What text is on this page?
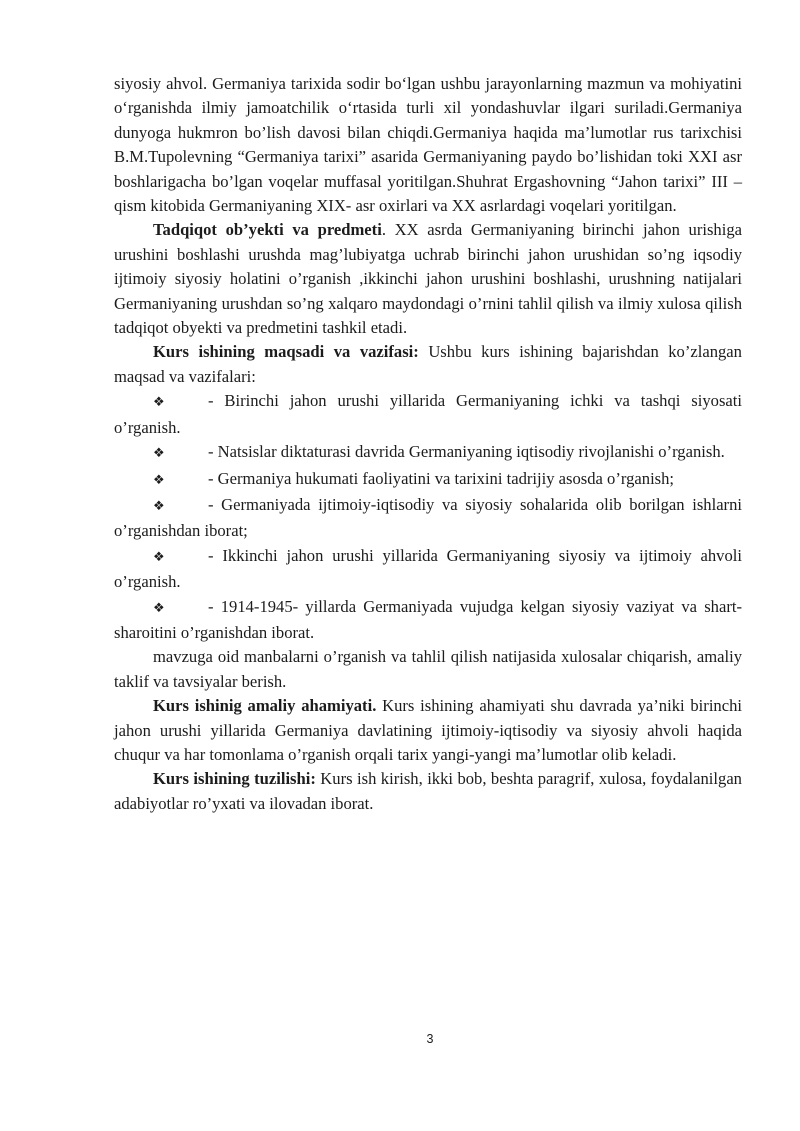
siyosiy ahvol. Germaniya tarixida sodir bo‘lgan ushbu jarayonlarning mazmun va mohiyatini o‘rganishda ilmiy jamoatchilik o‘rtasida turli xil yondashuvlar ilgari suriladi.Germaniya dunyoga hukmron bo’lish davosi bilan chiqdi.Germaniya haqida ma’lumotlar rus tarixchisi B.M.Tupolevning “Germaniya tarixi” asarida Germaniyaning paydo bo’lishidan toki XXI asr boshlarigacha bo’lgan voqelar muffasal yoritilgan.Shuhrat Ergashovning “Jahon tarixi” III – qism kitobida Germaniyaning XIX- asr oxirlari va XX asrlardagi voqelari yoritilgan.

Tadqiqot ob’yekti va predmeti. XX asrda Germaniyaning birinchi jahon urishiga urushini boshlashi urushda mag’lubiyatga uchrab birinchi jahon urushidan so’ng iqsodiy ijtimoiy siyosiy holatini o’rganish ,ikkinchi jahon urushini boshlashi, urushning natijalari Germaniyaning urushdan so’ng xalqaro maydondagi o’rnini tahlil qilish va ilmiy xulosa qilish tadqiqot obyekti va predmetini tashkil etadi.

Kurs ishining maqsadi va vazifasi: Ushbu kurs ishining bajarishdan ko’zlangan maqsad va vazifalari:

❖	- Birinchi jahon urushi yillarida Germaniyaning ichki va tashqi siyosati o’rganish.

❖	- Natsislar diktaturasi davrida Germaniyaning iqtisodiy rivojlanishi o’rganish.

❖	- Germaniya hukumati faoliyatini va tarixini tadrijiy asosda o’rganish;

❖	- Germaniyada ijtimoiy-iqtisodiy va siyosiy sohalarida olib borilgan ishlarni o’rganishdan iborat;

❖	- Ikkinchi jahon urushi yillarida Germaniyaning siyosiy va ijtimoiy ahvoli o’rganish.

❖	- 1914-1945- yillarda Germaniyada vujudga kelgan siyosiy vaziyat va shart-sharoitini o’rganishdan iborat.

mavzuga oid manbalarni o’rganish va tahlil qilish natijasida xulosalar chiqarish, amaliy taklif va tavsiyalar berish.

Kurs ishinig amaliy ahamiyati. Kurs ishining ahamiyati shu davrada ya’niki birinchi jahon urushi yillarida Germaniya davlatining ijtimoiy-iqtisodiy va siyosiy ahvoli haqida chuqur va har tomonlama o’rganish orqali tarix yangi-yangi ma’lumotlar olib keladi.

Kurs ishining tuzilishi: Kurs ish kirish, ikki bob, beshta paragrif, xulosa, foydalanilgan adabiyotlar ro’yxati va ilovadan iborat.

3
